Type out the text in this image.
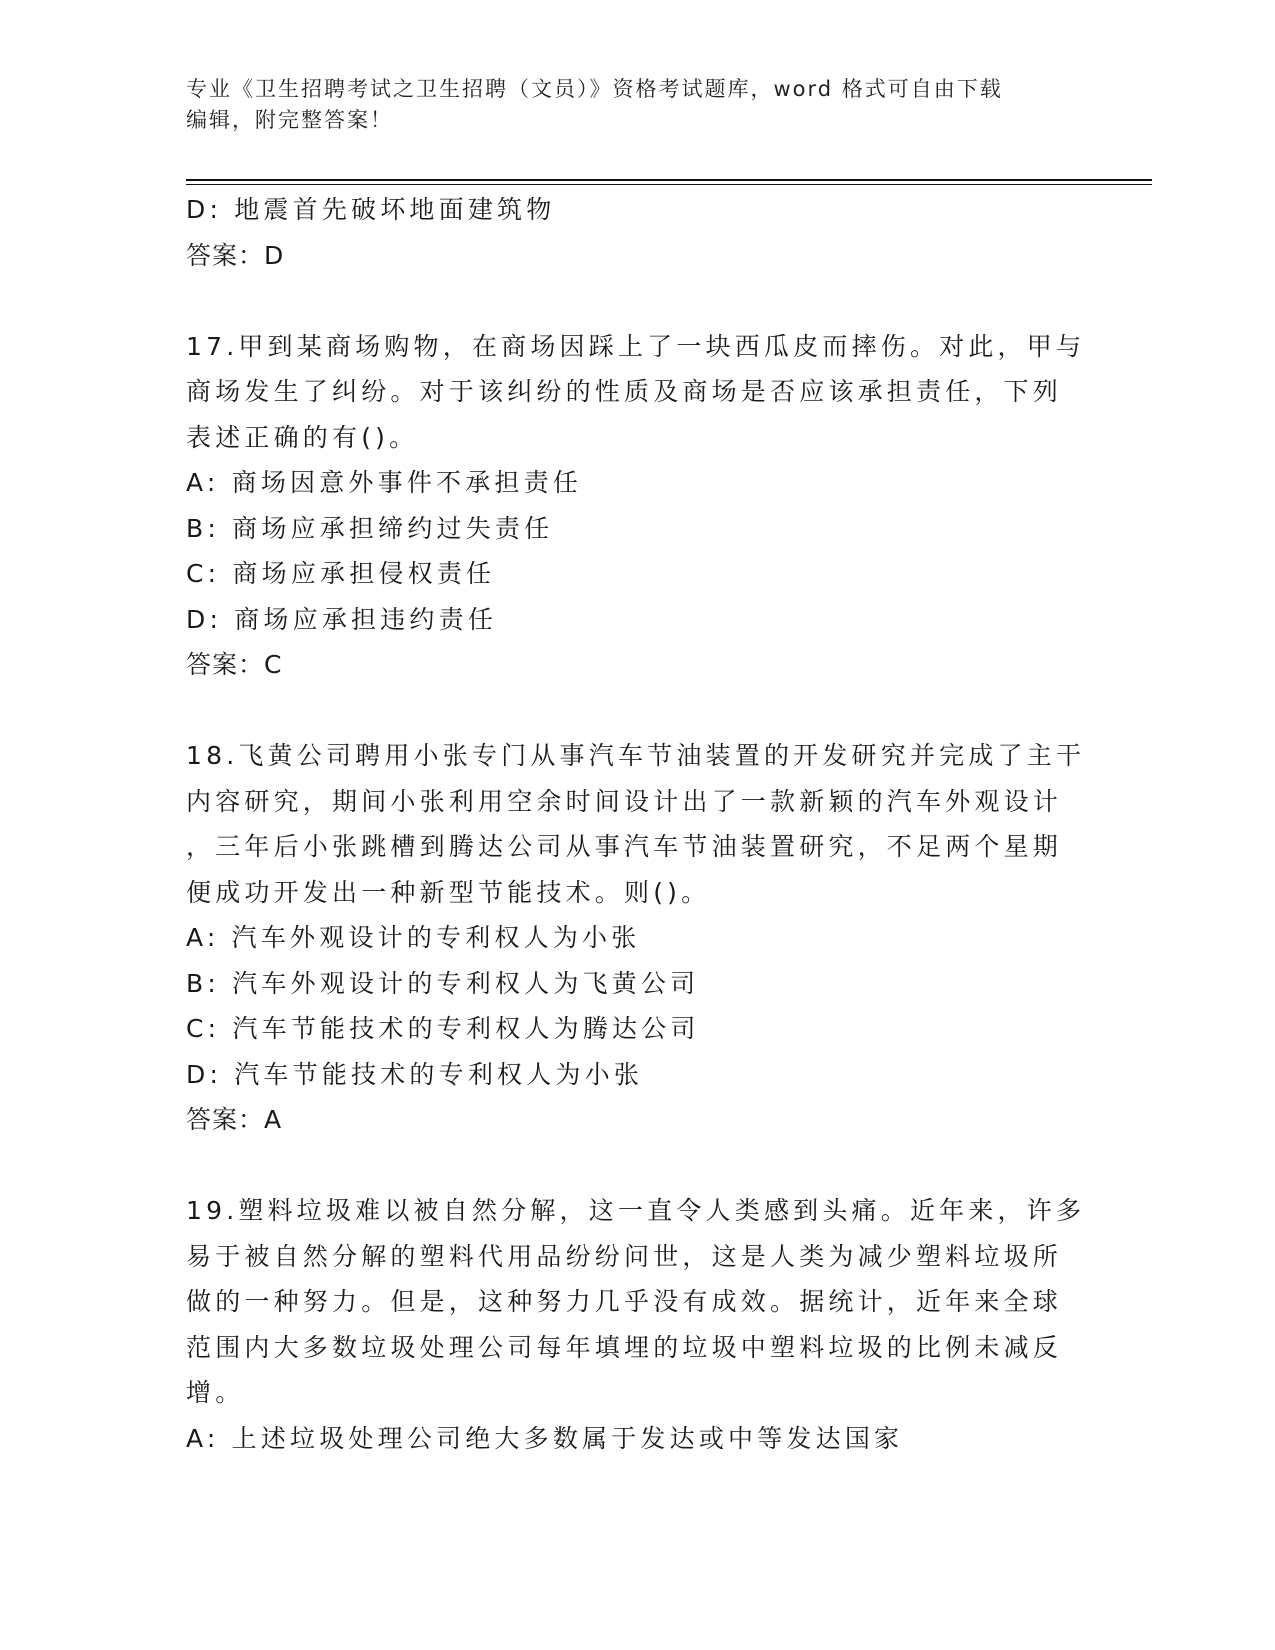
专业《卫生招聘考试之卫生招聘（文员）》资格考试题库，word 格式可自由下载
编辑，附完整答案！
D: 地震首先破坏地面建筑物
答案：D
17.甲到某商场购物，在商场因踩上了一块西瓜皮而摔伤。对此，甲与
商场发生了纠纷。对于该纠纷的性质及商场是否应该承担责任，下列
表述正确的有()。
A: 商场因意外事件不承担责任
B: 商场应承担缔约过失责任
C: 商场应承担侵权责任
D: 商场应承担违约责任
答案：C
18.飞黄公司聘用小张专门从事汽车节油装置的开发研究并完成了主干
内容研究，期间小张利用空余时间设计出了一款新颖的汽车外观设计
，三年后小张跳槽到腾达公司从事汽车节油装置研究，不足两个星期
便成功开发出一种新型节能技术。则()。
A: 汽车外观设计的专利权人为小张
B: 汽车外观设计的专利权人为飞黄公司
C: 汽车节能技术的专利权人为腾达公司
D: 汽车节能技术的专利权人为小张
答案：A
19.塑料垃圾难以被自然分解，这一直令人类感到头痛。近年来，许多
易于被自然分解的塑料代用品纷纷问世，这是人类为减少塑料垃圾所
做的一种努力。但是，这种努力几乎没有成效。据统计，近年来全球
范围内大多数垃圾处理公司每年填埋的垃圾中塑料垃圾的比例未减反
增。
A: 上述垃圾处理公司绝大多数属于发达或中等发达国家
